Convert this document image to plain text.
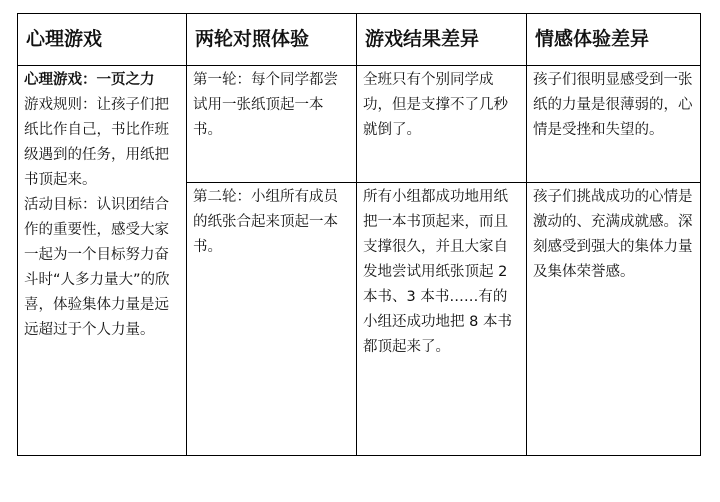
心理游戏	两轮对照体验	游戏结果差异	情感体验差异

心理游戏：一页之力
游戏规则：让孩子们把纸比作自己，书比作班级遇到的任务，用纸把书顶起来。
活动目标：认识团结合作的重要性，感受大家一起为一个目标努力奋斗时“人多力量大”的欣喜，体验集体力量是远远超过于个人力量。	第一轮：每个同学都尝试用一张纸顶起一本书。	全班只有个别同学成功，但是支撑不了几秒就倒了。	孩子们很明显感受到一张纸的力量是很薄弱的，心情是受挫和失望的。

	第二轮：小组所有成员的纸张合起来顶起一本书。	所有小组都成功地用纸把一本书顶起来，而且支撑很久，并且大家自发地尝试用纸张顶起 2 本书、3 本书……有的小组还成功地把 8 本书都顶起来了。	孩子们挑战成功的心情是激动的、充满成就感。深刻感受到强大的集体力量及集体荣誉感。
